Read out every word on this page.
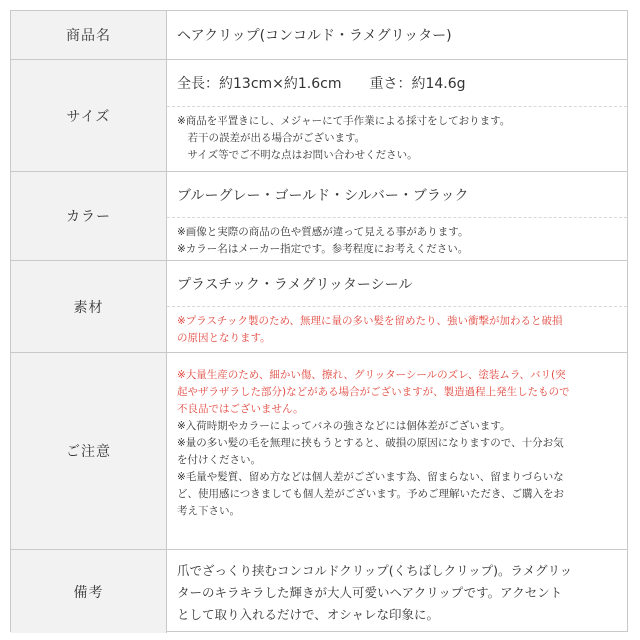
商品名	ヘアクリップ(コンコルド・ラメグリッター)
サイズ
全長：約13cm×約1.6cm 重さ：約14.6g

※商品を平置きにし、メジャーにて手作業による採寸をしております。

　若干の誤差が出る場合がございます。

　サイズ等でご不明な点はお問い合わせください。

カラー
ブルーグレー・ゴールド・シルバー・ブラック

※画像と実際の商品の色や質感が違って見える事があります。

※カラー名はメーカー指定です。参考程度にお考えください。

素材
プラスチック・ラメグリッターシール

※プラスチック製のため、無理に量の多い髪を留めたり、強い衝撃が加わると破損

の原因となります。

ご注意

※大量生産のため、細かい傷、擦れ、グリッターシールのズレ、塗装ムラ、バリ(突

起やザラザラした部分)などがある場合がございますが、製造過程上発生したもので

不良品ではございません。

※入荷時期やカラーによってバネの強さなどには個体差がございます。

※量の多い髪の毛を無理に挟もうとすると、破損の原因になりますので、十分お気

を付けください。

※毛量や髪質、留め方などは個人差がございます為、留まらない、留まりづらいな

ど、使用感につきましても個人差がございます。予めご理解いただき、ご購入をお

考え下さい。

備考
爪でざっくり挟むコンコルドクリップ(くちばしクリップ)。ラメグリッ
ターのキラキラした輝きが大人可愛いヘアクリップです。アクセント
として取り入れるだけで、オシャレな印象に。
